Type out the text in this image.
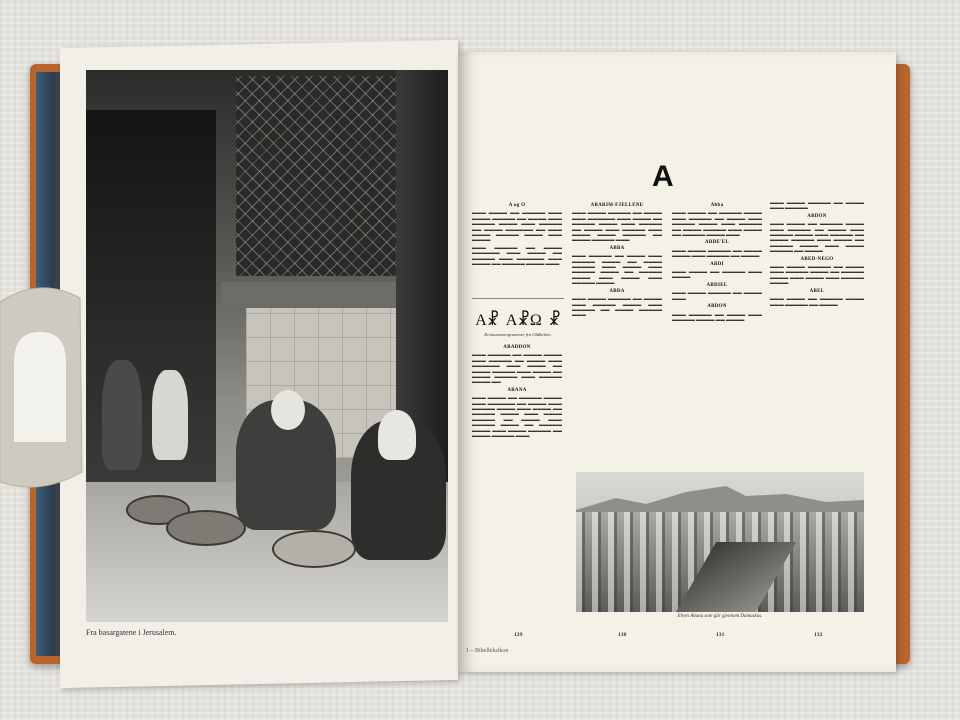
Fra basargatene i Jerusalem.
A
A og O

▬▬▬ ▬▬▬▬ ▬▬ ▬▬▬▬▬ ▬▬▬ ▬▬▬▬ ▬▬▬▬▬ ▬▬ ▬▬▬▬ ▬▬▬ ▬▬▬▬▬ ▬▬▬▬ ▬▬▬ ▬▬▬▬▬ ▬▬ ▬▬▬▬ ▬▬▬▬▬▬ ▬▬ ▬▬▬ ▬▬▬▬ ▬▬▬▬▬ ▬▬▬▬ ▬▬▬ ▬▬▬▬

▬▬▬ ▬▬▬▬▬ ▬▬ ▬▬▬▬ ▬▬▬▬▬▬ ▬▬▬ ▬▬▬▬ ▬▬ ▬▬▬▬▬ ▬▬▬ ▬▬▬▬▬▬ ▬▬▬ ▬▬▬▬ ▬▬ ▬▬▬▬▬ ▬▬▬▬ ▬▬▬

Α☧ Α☧Ω ☧
Kristusmonogrammer fra Oldkirken.
ABADDON

▬▬▬ ▬▬▬▬▬ ▬▬ ▬▬▬▬ ▬▬▬▬ ▬▬▬ ▬▬▬▬▬ ▬▬ ▬▬▬▬ ▬▬▬ ▬▬▬▬▬▬ ▬▬▬ ▬▬▬▬ ▬▬ ▬▬▬▬ ▬▬▬▬▬ ▬▬▬ ▬▬▬▬ ▬▬ ▬▬▬▬ ▬▬▬▬▬ ▬▬▬ ▬▬▬▬▬ ▬▬▬▬ ▬▬

ABANA

▬▬▬ ▬▬▬▬ ▬▬ ▬▬▬▬▬ ▬▬▬▬ ▬▬▬ ▬▬▬▬▬▬ ▬▬ ▬▬▬▬ ▬▬▬ ▬▬▬▬▬ ▬▬▬▬ ▬▬▬ ▬▬▬▬ ▬▬ ▬▬▬▬▬ ▬▬▬▬ ▬▬▬ ▬▬▬▬ ▬▬▬▬▬ ▬▬ ▬▬▬▬ ▬▬▬ ▬▬▬▬▬ ▬▬▬▬ ▬▬ ▬▬▬▬▬ ▬▬▬▬ ▬▬▬ ▬▬▬▬ ▬▬▬▬▬ ▬▬ ▬▬▬▬ ▬▬▬▬▬ ▬▬▬

ABARIM-FJELLENE

▬▬▬ ▬▬▬▬ ▬▬▬▬▬ ▬▬ ▬▬▬▬ ▬▬▬ ▬▬▬▬▬▬ ▬▬▬ ▬▬▬▬ ▬▬ ▬▬▬▬▬ ▬▬▬▬ ▬▬▬ ▬▬▬▬▬ ▬▬ ▬▬▬▬ ▬▬▬ ▬▬▬▬▬ ▬▬▬ ▬▬▬▬ ▬▬▬▬ ▬▬▬▬▬ ▬▬ ▬▬▬▬ ▬▬▬▬▬ ▬▬▬

ABBA

▬▬▬ ▬▬▬▬▬ ▬▬ ▬▬▬▬ ▬▬▬ ▬▬▬▬▬ ▬▬▬▬ ▬▬ ▬▬▬▬ ▬▬▬▬▬ ▬▬▬ ▬▬▬▬ ▬▬▬ ▬▬▬▬▬ ▬▬▬▬ ▬▬ ▬▬▬▬▬ ▬▬▬▬ ▬▬▬ ▬▬▬▬ ▬▬▬ ▬▬▬▬▬ ▬▬▬▬

ABDA

▬▬▬ ▬▬▬▬ ▬▬▬▬▬ ▬▬ ▬▬▬▬ ▬▬▬ ▬▬▬▬▬ ▬▬▬▬ ▬▬▬ ▬▬▬▬▬ ▬▬ ▬▬▬▬ ▬▬▬▬▬ ▬▬▬

Abba

▬▬▬ ▬▬▬▬ ▬▬ ▬▬▬▬▬ ▬▬▬▬ ▬▬▬ ▬▬▬▬▬ ▬▬ ▬▬▬▬ ▬▬▬ ▬▬▬▬▬ ▬▬▬▬ ▬▬▬ ▬▬▬▬▬ ▬▬ ▬▬▬▬ ▬▬▬▬▬ ▬▬▬ ▬▬▬▬ ▬▬ ▬▬▬▬▬ ▬▬▬▬ ▬▬▬

ABDE'EL

▬▬▬ ▬▬▬▬ ▬▬▬▬▬ ▬▬ ▬▬▬▬ ▬▬▬▬ ▬▬▬ ▬▬▬▬▬ ▬▬ ▬▬▬▬

ABDI

▬▬▬ ▬▬▬▬ ▬▬ ▬▬▬▬▬ ▬▬▬ ▬▬▬▬

ABDIEL

▬▬▬ ▬▬▬▬ ▬▬▬▬▬ ▬▬ ▬▬▬▬ ▬▬▬

ABDON

▬▬▬ ▬▬▬▬▬ ▬▬ ▬▬▬▬ ▬▬▬ ▬▬▬▬▬ ▬▬▬▬ ▬▬ ▬▬▬▬

▬▬▬ ▬▬▬▬ ▬▬▬▬▬ ▬▬ ▬▬▬▬ ▬▬▬ ▬▬▬▬▬

ABDON

▬▬▬ ▬▬▬▬ ▬▬ ▬▬▬▬▬ ▬▬▬▬ ▬▬▬ ▬▬▬▬▬ ▬▬ ▬▬▬▬ ▬▬▬ ▬▬▬▬▬ ▬▬▬▬ ▬▬▬ ▬▬▬▬▬ ▬▬ ▬▬▬▬ ▬▬▬▬▬ ▬▬▬ ▬▬▬▬ ▬▬ ▬▬▬▬▬ ▬▬▬▬ ▬▬▬ ▬▬▬▬ ▬▬▬▬▬ ▬▬ ▬▬▬▬

ABED-NEGO

▬▬▬ ▬▬▬▬ ▬▬▬▬▬ ▬▬ ▬▬▬▬ ▬▬▬ ▬▬▬▬▬ ▬▬▬▬ ▬▬ ▬▬▬▬▬ ▬▬▬▬ ▬▬▬ ▬▬▬▬ ▬▬▬ ▬▬▬▬▬ ▬▬▬▬

ABEL

▬▬▬ ▬▬▬▬ ▬▬ ▬▬▬▬▬ ▬▬▬▬ ▬▬▬ ▬▬▬▬▬ ▬▬ ▬▬▬▬

Elven Abana som går gjennom Damaskus.
129	130	131	132
1 – Bibelleksikon
